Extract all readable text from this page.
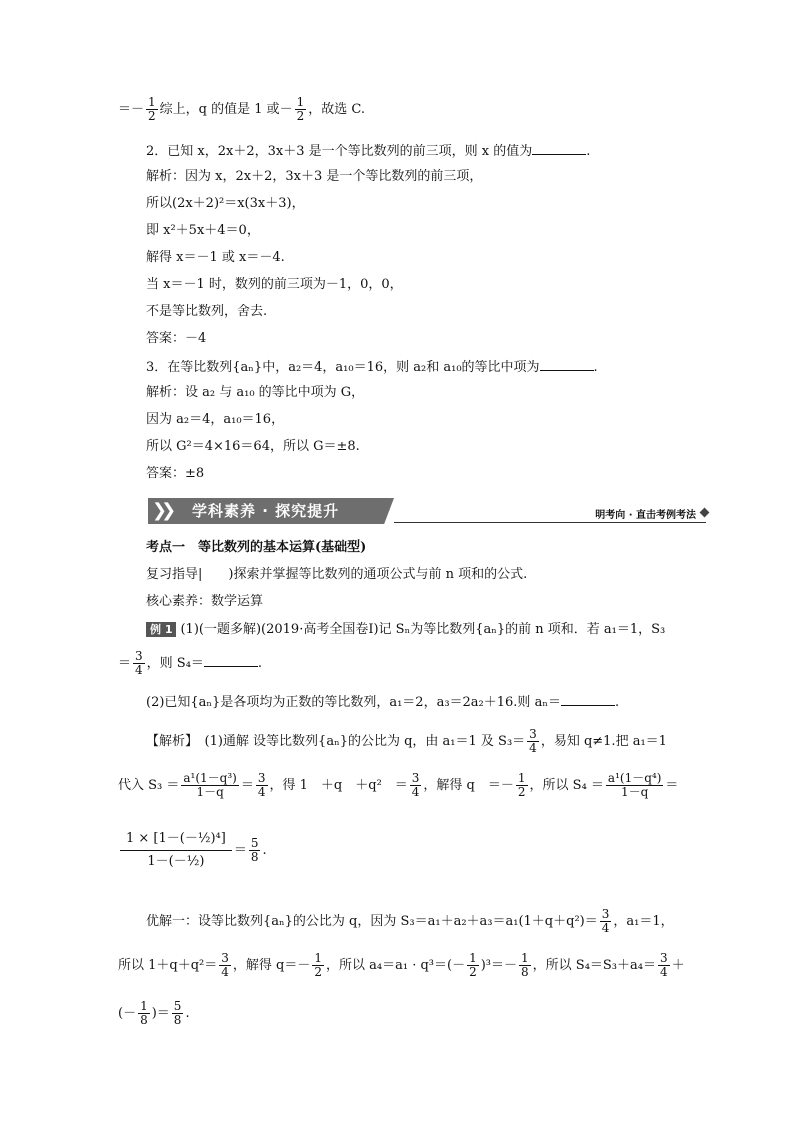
＝－ $\frac{1}{2}$ 综上，q 的值是 1 或－ $\frac{1}{2}$ ，故选 C.
2．已知 x，2x＋2，3x＋3 是一个等比数列的前三项，则 x 的值为	.
解析：因为 x，2x＋2，3x＋3 是一个等比数列的前三项，
所以(2x＋2)²＝x(3x＋3)，
即 x²＋5x＋4＝0，
解得 x＝－1 或 x＝－4.
当 x＝－1 时，数列的前三项为－1，0，0，
不是等比数列，舍去.
答案：－4
3．在等比数列{aₙ}中，a₂＝4，a₁₀＝16，则 a₂和 a₁₀的等比中项为	.
解析：设 a₂ 与 a₁₀ 的等比中项为 G，
因为 a₂＝4，a₁₀＝16，
所以 G²＝4×16＝64，所以 G＝±8.
答案：±8
❯❯ 学科素养 · 探究提升	明考向 · 直击考例考法
考点一　等比数列的基本运算(基础型)
复习指导|　　)探索并掌握等比数列的通项公式与前 n 项和的公式.
核心素养：数学运算
例 1 (1)(一题多解)(2019·高考全国卷Ⅰ)记 Sₙ为等比数列{aₙ}的前 n 项和．若 a₁＝1，S₃
＝ $\frac{3}{4}$ ，则 S₄＝	.
(2)已知{aₙ}是各项均为正数的等比数列，a₁＝2，a₃＝2a₂＋16.则 aₙ＝	.
【解析】　(1)通解 设等比数列{aₙ}的公比为 q，由 a₁＝1 及 $S_3= \frac{3}{4}$ ，易知 q≠1.把 a₁＝1
代入 $S_3 = \frac{\text{a¹(1－q³)}}{1-q} = \frac{3}{4}$ ，得 1　＋q　＋q²　＝ $\frac{3}{4}$ ，解得 q　＝－ $\frac{1}{2}$ ，所以 $S_4 = \frac{\text{a¹(1－q⁴)}}{1-q}$ ＝
$\frac{\text{1 × [1－(－½)⁴]}}{\text{1－(－½)}} = \frac{5}{8}$ .
优解一：设等比数列{aₙ}的公比为 q，因为 $S_3=a_1+a_2+a_3=a_1(1+q+q^2)= \frac{3}{4}$ ，a₁＝1，
所以 $1+q+q^2= \frac{3}{4}$ ，解得 $q=- \frac{1}{2}$ ，所以 $a_4=a_1 \cdot q^3=(- \frac{1}{2} )^3=- \frac{1}{8}$ ，所以 $S_4=S_3+a_4= \frac{3}{4}$ ＋
(－ $\frac{1}{8}$ )＝ $\frac{5}{8}$ .
